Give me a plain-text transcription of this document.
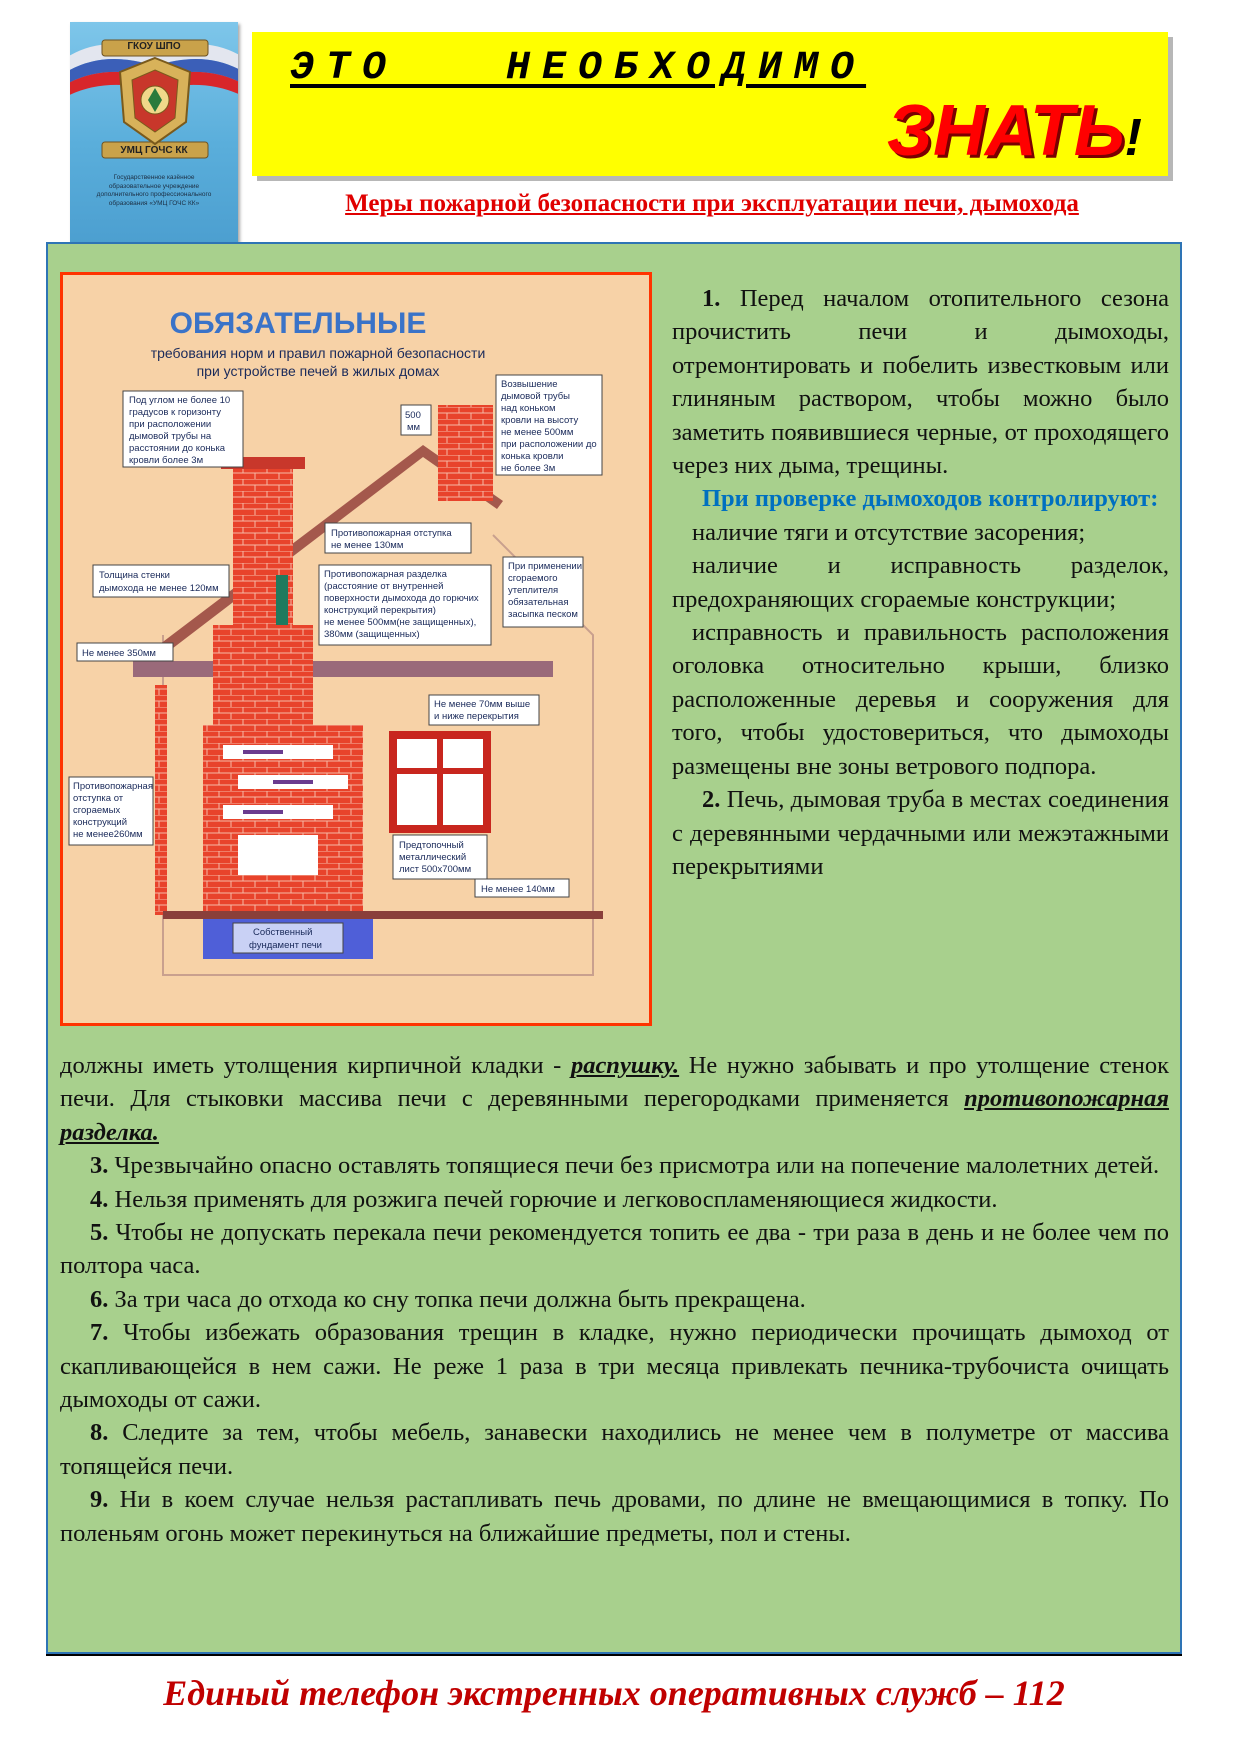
ГКОУ ШПО
УМЦ ГОЧС КК
Государственное казённое образовательное учреждение дополнительного профессионального образования «УМЦ ГОЧС КК»
ЭТО   НЕОБХОДИМО
ЗНАТЬ!
Меры пожарной безопасности при эксплуатации печи, дымохода
ОБЯЗАТЕЛЬНЫЕ
требования норм и правил пожарной безопасности
при устройстве печей в жилых домах
Под углом не более 10
градусов к горизонту
при расположении
дымовой трубы на
расстоянии до конька
кровли более 3м
500
мм
Возвышение
дымовой трубы
над коньком
кровли на высоту
не менее 500мм
при расположении до
конька кровли
не более 3м
Противопожарная отступка
не менее 130мм
Толщина стенки
дымохода не менее 120мм
Противопожарная разделка
(расстояние от внутренней
поверхности дымохода до горючих
конструкций перекрытия)
не менее 500мм(не защищенных),
380мм (защищенных)
При применении
сгораемого
утеплителя
обязательная
засыпка песком
Не менее 350мм
Не менее 70мм выше
и ниже перекрытия
Противопожарная
отступка от
сгораемых
конструкций
не менее260мм
Предтопочный
металлический
лист 500х700мм
Не менее 140мм
Собственный
фундамент печи

1. Перед началом отопительного сезона прочистить печи и дымоходы, отремонтировать и побелить известковым или глиняным раствором, чтобы можно было заметить появившиеся черные, от проходящего через них дыма, трещины.

При проверке дымоходов контролируют:

наличие тяги и отсутствие засорения;

наличие и исправность разделок, предохраняющих сгораемые конструкции;

исправность и правильность расположения оголовка относительно крыши, близко расположенные деревья и сооружения для того, чтобы удостовериться, что дымоходы размещены вне зоны ветрового подпора.

2. Печь, дымовая труба в местах соединения с деревянными чердачными или межэтажными перекрытиями

должны иметь утолщения кирпичной кладки - распушку. Не нужно забывать и про утолщение стенок печи. Для стыковки массива печи с деревянными перегородками применяется противопожарная разделка.

3. Чрезвычайно опасно оставлять топящиеся печи без присмотра или на попечение малолетних детей.

4. Нельзя применять для розжига печей горючие и легковоспламеняющиеся жидкости.

5. Чтобы не допускать перекала печи рекомендуется топить ее два - три раза в день и не более чем по полтора часа.

6. За три часа до отхода ко сну топка печи должна быть прекращена.

7. Чтобы избежать образования трещин в кладке, нужно периодически прочищать дымоход от скапливающейся в нем сажи. Не реже 1 раза в три месяца привлекать печника-трубочиста очищать дымоходы от сажи.

8. Следите за тем, чтобы мебель, занавески находились не менее чем в полуметре от массива топящейся печи.

9. Ни в коем случае нельзя растапливать печь дровами, по длине не вмещающимися в топку. По поленьям огонь может перекинуться на ближайшие предметы, пол и стены.

Единый телефон экстренных оперативных служб – 112
